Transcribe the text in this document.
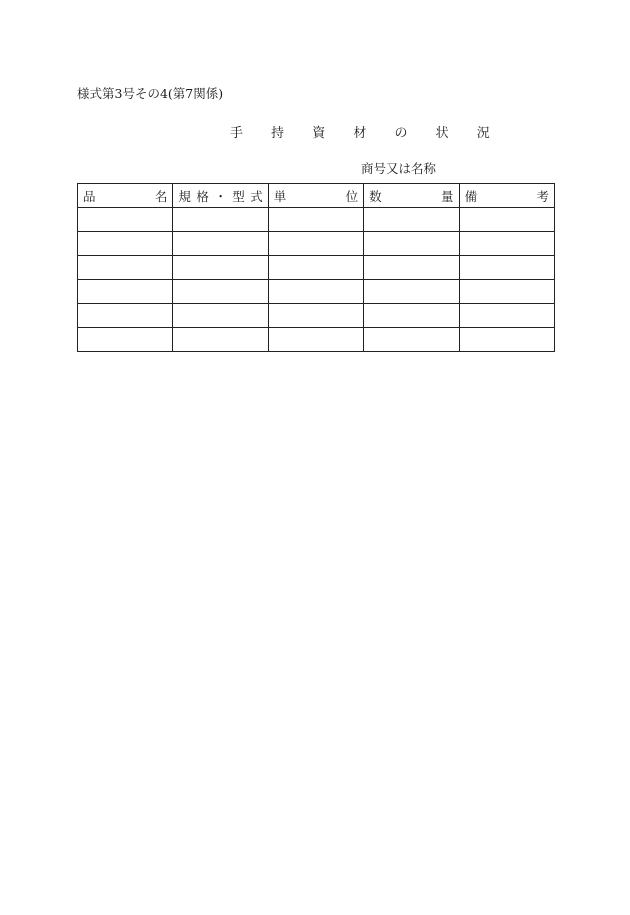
様式第3号その4(第7関係)
手 持 資 材 の 状 況
商号又は名称
品 名	規 格 ・ 型 式	単 位	数 量	備 考
